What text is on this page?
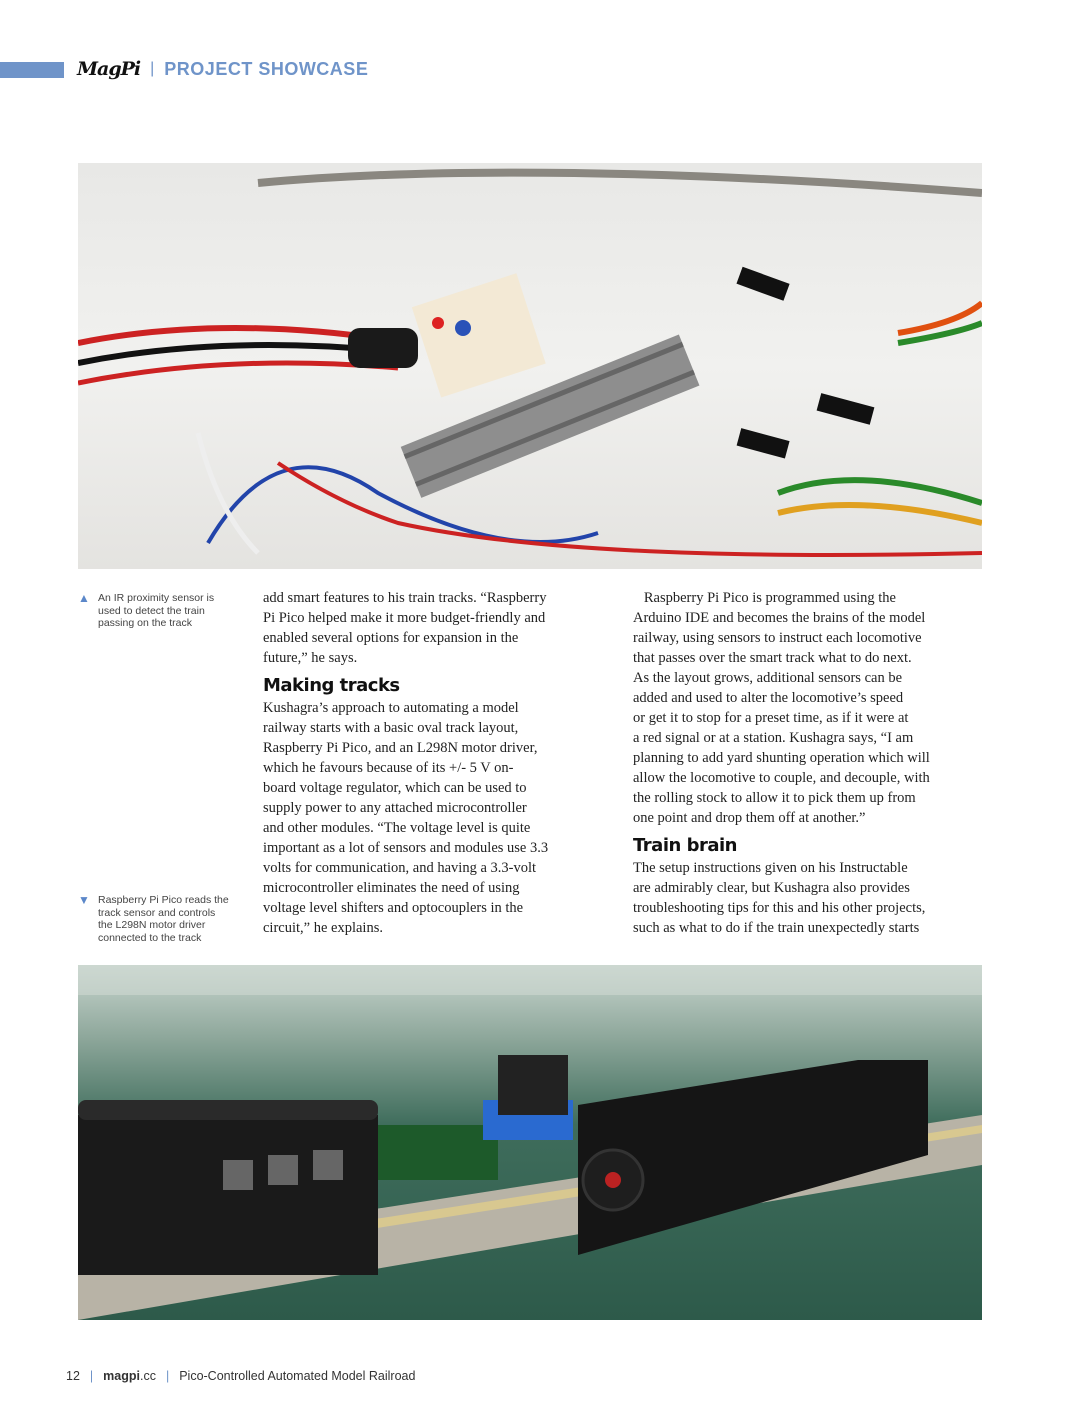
MagPi | PROJECT SHOWCASE
▲ An IR proximity sensor is
used to detect the train
passing on the track
▼ Raspberry Pi Pico reads the
track sensor and controls
the L298N motor driver
connected to the track
add smart features to his train tracks. “Raspberry
Pi Pico helped make it more budget-friendly and
enabled several options for expansion in the
future,” he says.
Making tracks
Kushagra’s approach to automating a model
railway starts with a basic oval track layout,
Raspberry Pi Pico, and an L298N motor driver,
which he favours because of its +/- 5 V on-
board voltage regulator, which can be used to
supply power to any attached microcontroller
and other modules. “The voltage level is quite
important as a lot of sensors and modules use 3.3
volts for communication, and having a 3.3-volt
microcontroller eliminates the need of using
voltage level shifters and optocouplers in the
circuit,” he explains.
Raspberry Pi Pico is programmed using the
Arduino IDE and becomes the brains of the model
railway, using sensors to instruct each locomotive
that passes over the smart track what to do next.
As the layout grows, additional sensors can be
added and used to alter the locomotive’s speed
or get it to stop for a preset time, as if it were at
a red signal or at a station. Kushagra says, “I am
planning to add yard shunting operation which will
allow the locomotive to couple, and decouple, with
the rolling stock to allow it to pick them up from
one point and drop them off at another.”
Train brain
The setup instructions given on his Instructable
are admirably clear, but Kushagra also provides
troubleshooting tips for this and his other projects,
such as what to do if the train unexpectedly starts
12 | magpi.cc | Pico-Controlled Automated Model Railroad
